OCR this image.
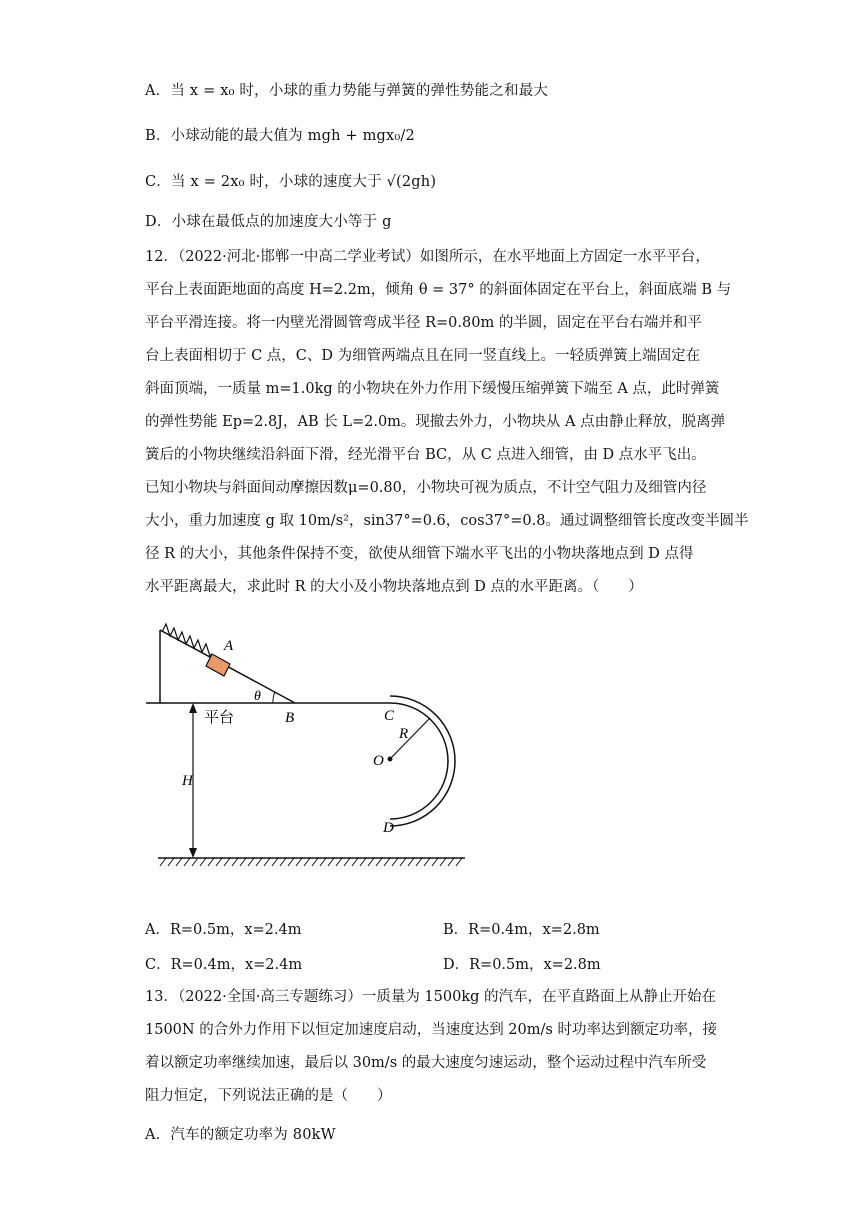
A．当 x = x₀ 时，小球的重力势能与弹簧的弹性势能之和最大
B．小球动能的最大值为 mgh + mgx₀/2
C．当 x = 2x₀ 时，小球的速度大于 √(2gh)
D．小球在最低点的加速度大小等于 g
12．（2022·河北·邯郸一中高二学业考试）如图所示，在水平地面上方固定一水平平台，
平台上表面距地面的高度 H=2.2m，倾角 θ = 37° 的斜面体固定在平台上，斜面底端 B 与
平台平滑连接。将一内壁光滑圆管弯成半径 R=0.80m 的半圆，固定在平台右端并和平
台上表面相切于 C 点，C、D 为细管两端点且在同一竖直线上。一轻质弹簧上端固定在
斜面顶端，一质量 m=1.0kg 的小物块在外力作用下缓慢压缩弹簧下端至 A 点，此时弹簧
的弹性势能 Ep=2.8J，AB 长 L=2.0m。现撤去外力，小物块从 A 点由静止释放，脱离弹
簧后的小物块继续沿斜面下滑，经光滑平台 BC，从 C 点进入细管，由 D 点水平飞出。
已知小物块与斜面间动摩擦因数μ=0.80，小物块可视为质点，不计空气阻力及细管内径
大小，重力加速度 g 取 10m/s²，sin37°=0.6，cos37°=0.8。通过调整细管长度改变半圆半
径 R 的大小，其他条件保持不变，欲使从细管下端水平飞出的小物块落地点到 D 点得
水平距离最大，求此时 R 的大小及小物块落地点到 D 点的水平距离。（　　）
A
θ
B
平台	C
R
O
D
H
A．R=0.5m，x=2.4m	B．R=0.4m，x=2.8m
C．R=0.4m，x=2.4m	D．R=0.5m，x=2.8m
13．（2022·全国·高三专题练习）一质量为 1500kg 的汽车，在平直路面上从静止开始在
1500N 的合外力作用下以恒定加速度启动，当速度达到 20m/s 时功率达到额定功率，接
着以额定功率继续加速，最后以 30m/s 的最大速度匀速运动，整个运动过程中汽车所受
阻力恒定，下列说法正确的是（　　）
A．汽车的额定功率为 80kW
